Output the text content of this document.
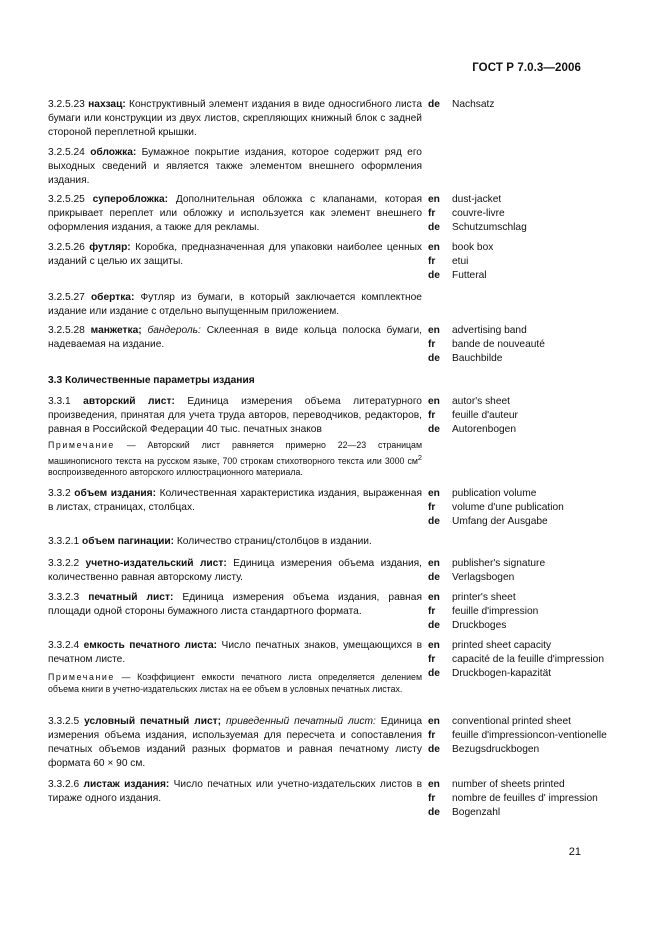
ГОСТ Р 7.0.3—2006
3.2.5.23 нахзац: Конструктивный элемент издания в виде односгибного листа бумаги или конструкции из двух листов, скрепляющих книжный блок с задней стороной переплетной крышки.
de	Nachsatz
3.2.5.24 обложка: Бумажное покрытие издания, которое содержит ряд его выходных сведений и является также элементом внешнего оформления издания.
3.2.5.25 суперобложка: Дополнительная обложка с клапанами, которая прикрывает переплет или обложку и используется как элемент внешнего оформления издания, а также для рекламы.
en	dust-jacket
fr	couvre-livre
de	Schutzumschlag
3.2.5.26 футляр: Коробка, предназначенная для упаковки наиболее ценных изданий с целью их защиты.
en	book box
fr	etui
de	Futteral
3.2.5.27 обертка: Футляр из бумаги, в который заключается комплектное издание или издание с отдельно выпущенным приложением.
3.2.5.28 манжетка; бандероль: Склеенная в виде кольца полоска бумаги, надеваемая на издание.
en	advertising band
fr	bande de nouveauté
de	Bauchbilde
3.3 Количественные параметры издания
3.3.1 авторский лист: Единица измерения объема литературного произведения, принятая для учета труда авторов, переводчиков, редакторов, равная в Российской Федерации 40 тыс. печатных знаков
en	autor's sheet
fr	feuille d'auteur
de	Autorenbogen
Примечание — Авторский лист равняется примерно 22—23 страницам машинописного текста на русском языке, 700 строкам стихотворного текста или 3000 $см^2$ воспроизведенного авторского иллюстрационного материала.
3.3.2 объем издания: Количественная характеристика издания, выраженная в листах, страницах, столбцах.
en	publication volume
fr	volume d'une publication
de	Umfang der Ausgabe
3.3.2.1 объем пагинации: Количество страниц/столбцов в издании.
3.3.2.2 учетно-издательский лист: Единица измерения объема издания, количественно равная авторскому листу.
en	publisher's signature
de	Verlagsbogen
3.3.2.3 печатный лист: Единица измерения объема издания, равная площади одной стороны бумажного листа стандартного формата.
en	printer's sheet
fr	feuille d'impression
de	Druckboges
3.3.2.4 емкость печатного листа: Число печатных знаков, умещающихся в печатном листе.
en	printed sheet capacity
fr	capacité de la feuille d'impression
de	Druckbogen-kapazität
Примечание — Коэффициент емкости печатного листа определяется делением объема книги в учетно-издательских листах на ее объем в условных печатных листах.
3.3.2.5 условный печатный лист; приведенный печатный лист: Единица измерения объема издания, используемая для пересчета и сопоставления печатных объемов изданий разных форматов и равная печатному листу формата 60 × 90 см.
en	conventional printed sheet
fr	feuille d'impressioncon-ventionelle
de	Bezugsdruckbogen
3.3.2.6 листаж издания: Число печатных или учетно-издательских листов в тираже одного издания.
en	number of sheets printed
fr	nombre de feuilles d' impression
de	Bogenzahl
21
